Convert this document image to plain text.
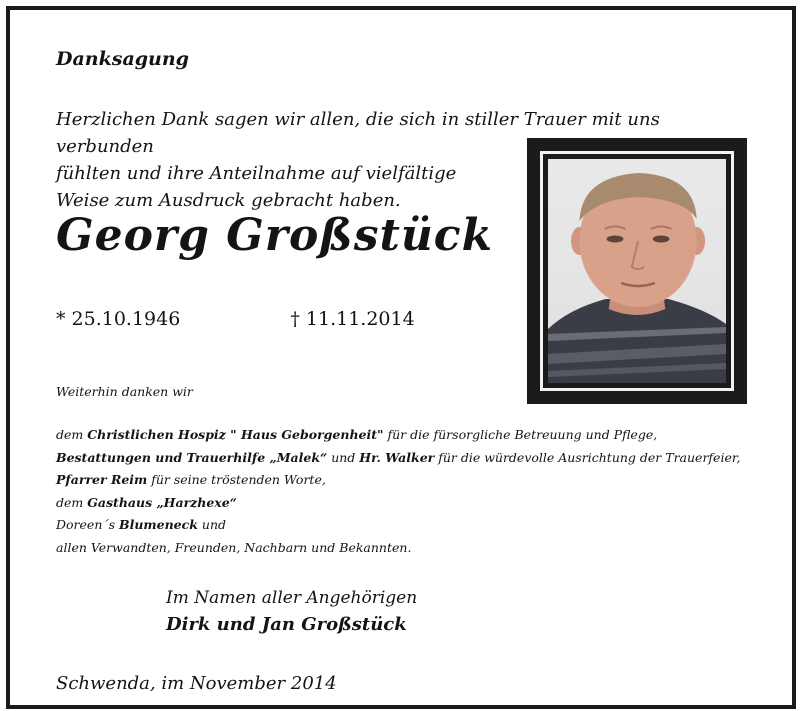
Danksagung
Herzlichen Dank sagen wir allen, die sich in stiller Trauer mit uns verbunden
fühlten und ihre Anteilnahme auf vielfältige
Weise zum Ausdruck gebracht haben.
Georg Großstück
* 25.10.1946	† 11.11.2014
Weiterhin danken wir
dem Christlichen Hospiz " Haus Geborgenheit" für die fürsorgliche Betreuung und Pflege,
Bestattungen und Trauerhilfe „Malek“ und Hr. Walker für die würdevolle Ausrichtung der Trauerfeier,
Pfarrer Reim für seine tröstenden Worte,
dem Gasthaus „Harzhexe“
Doreen´s Blumeneck und
allen Verwandten, Freunden, Nachbarn und Bekannten.
Im Namen aller Angehörigen
Dirk und Jan Großstück
Schwenda, im November 2014
